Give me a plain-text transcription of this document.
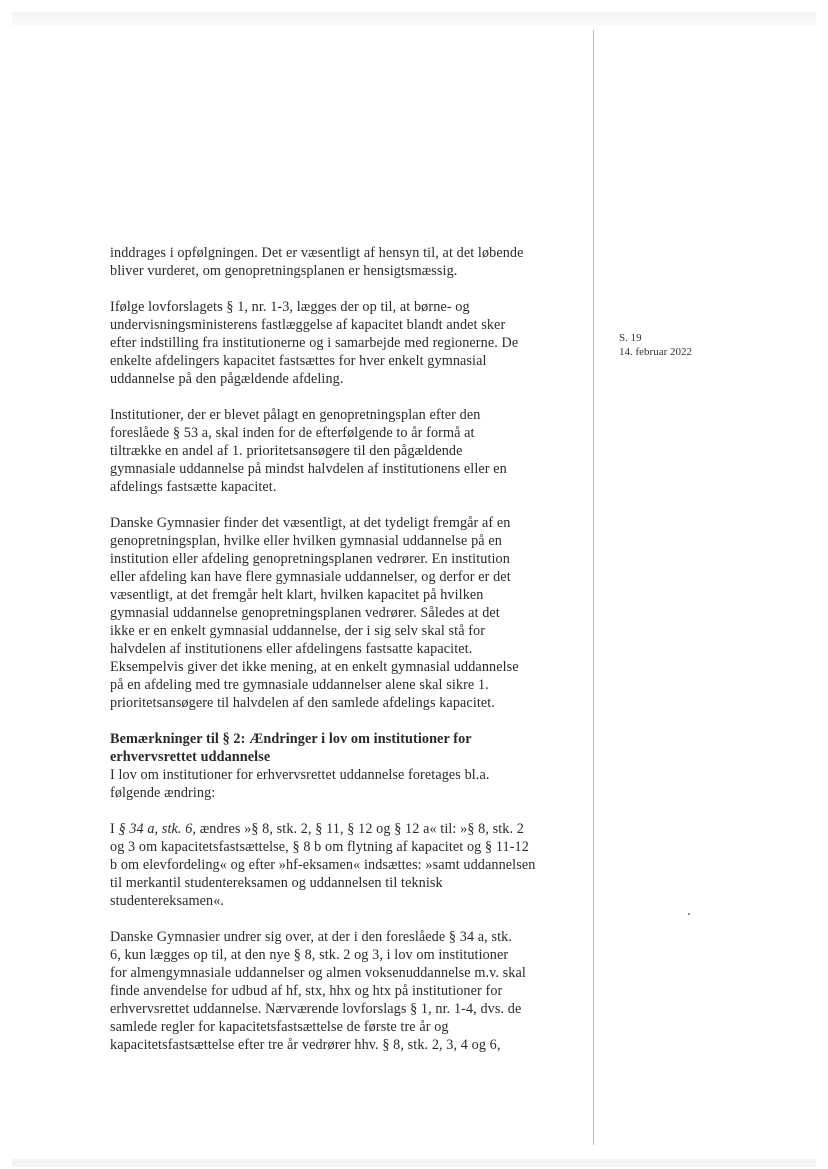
S. 19
14. februar 2022
inddrages i opfølgningen. Det er væsentligt af hensyn til, at det løbende
bliver vurderet, om genopretningsplanen er hensigtsmæssig.
Ifølge lovforslagets § 1, nr. 1-3, lægges der op til, at børne- og
undervisningsministerens fastlæggelse af kapacitet blandt andet sker
efter indstilling fra institutionerne og i samarbejde med regionerne. De
enkelte afdelingers kapacitet fastsættes for hver enkelt gymnasial
uddannelse på den pågældende afdeling.
Institutioner, der er blevet pålagt en genopretningsplan efter den
foreslåede § 53 a, skal inden for de efterfølgende to år formå at
tiltrække en andel af 1. prioritetsansøgere til den pågældende
gymnasiale uddannelse på mindst halvdelen af institutionens eller en
afdelings fastsætte kapacitet.
Danske Gymnasier finder det væsentligt, at det tydeligt fremgår af en
genopretningsplan, hvilke eller hvilken gymnasial uddannelse på en
institution eller afdeling genopretningsplanen vedrører. En institution
eller afdeling kan have flere gymnasiale uddannelser, og derfor er det
væsentligt, at det fremgår helt klart, hvilken kapacitet på hvilken
gymnasial uddannelse genopretningsplanen vedrører. Således at det
ikke er en enkelt gymnasial uddannelse, der i sig selv skal stå for
halvdelen af institutionens eller afdelingens fastsatte kapacitet.
Eksempelvis giver det ikke mening, at en enkelt gymnasial uddannelse
på en afdeling med tre gymnasiale uddannelser alene skal sikre 1.
prioritetsansøgere til halvdelen af den samlede afdelings kapacitet.
Bemærkninger til § 2: Ændringer i lov om institutioner for
erhvervsrettet uddannelse
I lov om institutioner for erhvervsrettet uddannelse foretages bl.a.
følgende ændring:
I § 34 a, stk. 6, ændres »§ 8, stk. 2, § 11, § 12 og § 12 a« til: »§ 8, stk. 2
og 3 om kapacitetsfastsættelse, § 8 b om flytning af kapacitet og § 11-12
b om elevfordeling« og efter »hf-eksamen« indsættes: »samt uddannelsen
til merkantil studentereksamen og uddannelsen til teknisk
studentereksamen«.
Danske Gymnasier undrer sig over, at der i den foreslåede § 34 a, stk.
6, kun lægges op til, at den nye § 8, stk. 2 og 3, i lov om institutioner
for almengymnasiale uddannelser og almen voksenuddannelse m.v. skal
finde anvendelse for udbud af hf, stx, hhx og htx på institutioner for
erhvervsrettet uddannelse. Nærværende lovforslags § 1, nr. 1-4, dvs. de
samlede regler for kapacitetsfastsættelse de første tre år og
kapacitetsfastsættelse efter tre år vedrører hhv. § 8, stk. 2, 3, 4 og 6,
